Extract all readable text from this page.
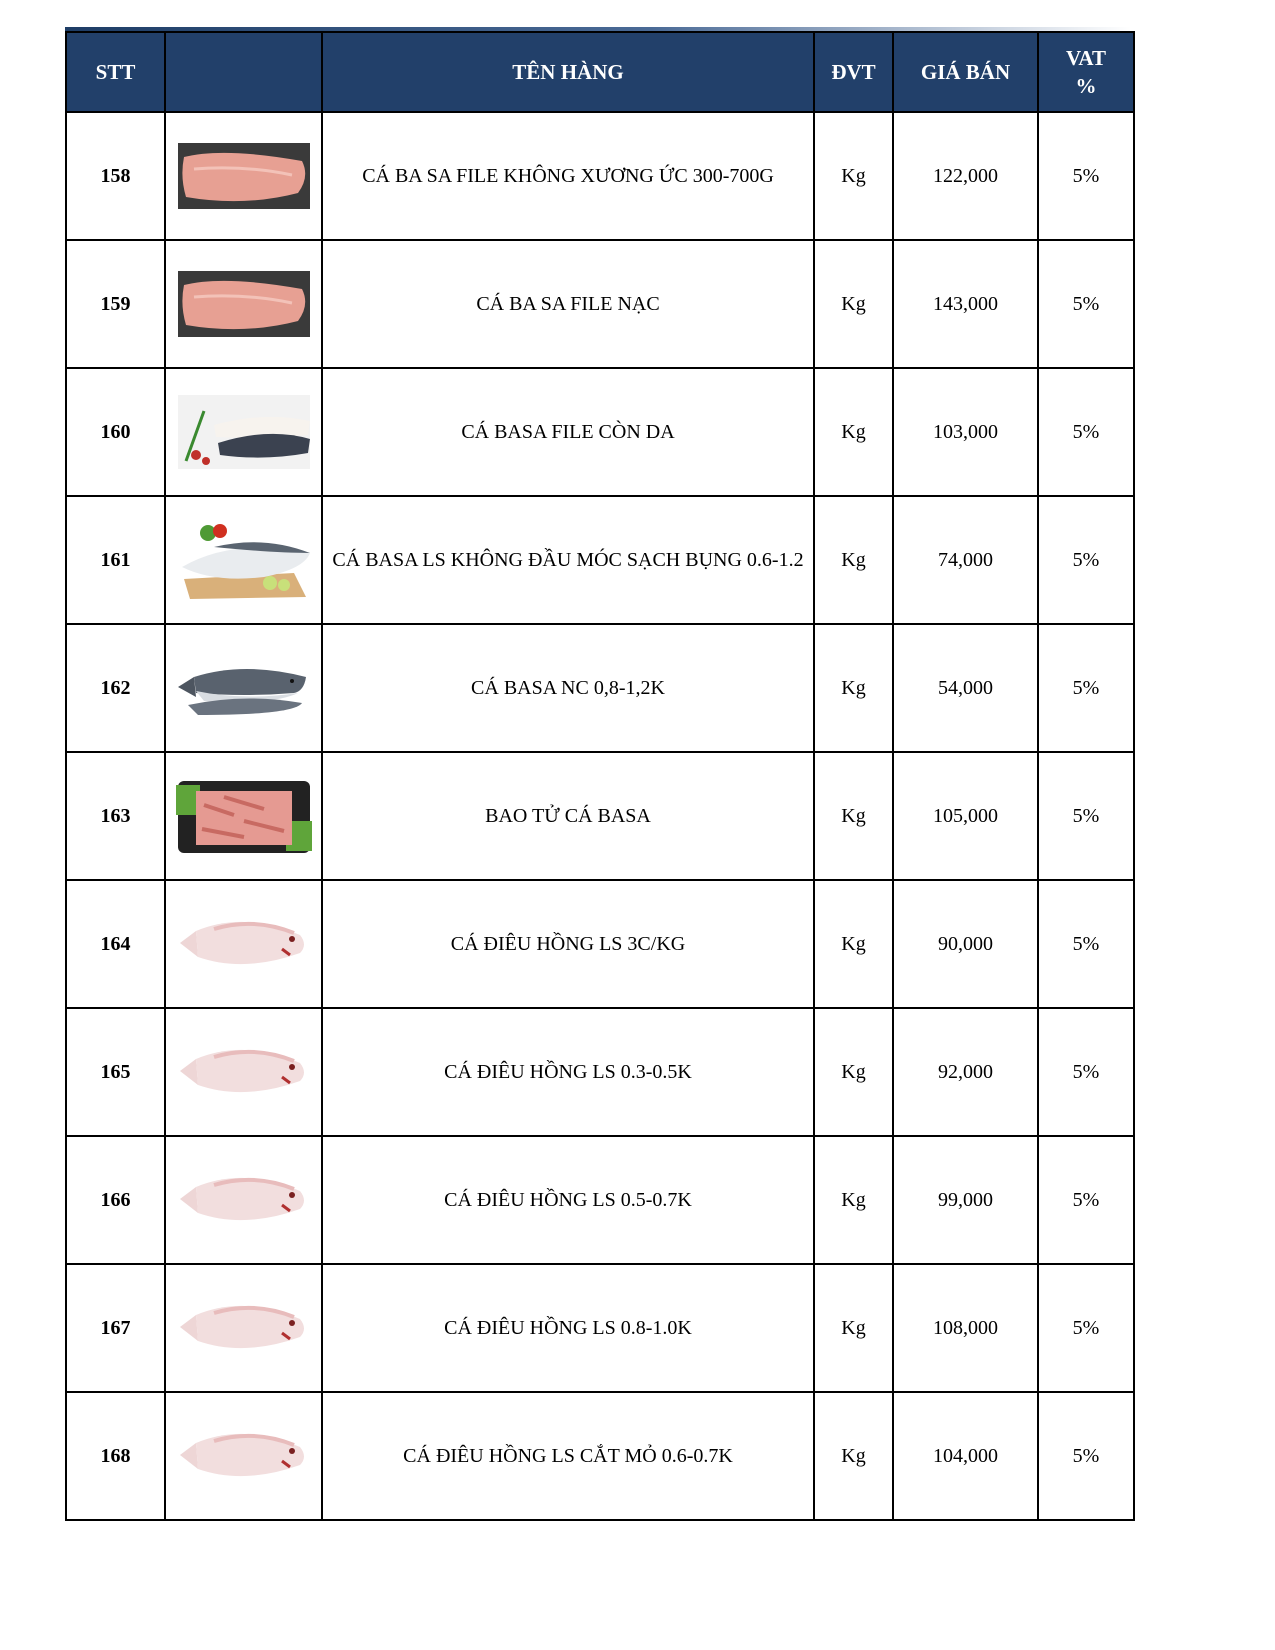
STT		TÊN HÀNG	ĐVT	GIÁ BÁN	VAT
%
158		CÁ BA SA FILE KHÔNG XƯƠNG ỨC 300-700G	Kg	122,000	5%
159		CÁ BA SA FILE NẠC	Kg	143,000	5%
160		CÁ BASA FILE CÒN DA	Kg	103,000	5%
161		CÁ BASA LS KHÔNG ĐẦU MÓC SẠCH BỤNG 0.6-1.2	Kg	74,000	5%
162		CÁ BASA NC 0,8-1,2K	Kg	54,000	5%
163		BAO TỬ CÁ BASA	Kg	105,000	5%
164		CÁ ĐIÊU HỒNG LS 3C/KG	Kg	90,000	5%
165		CÁ ĐIÊU HỒNG LS 0.3-0.5K	Kg	92,000	5%
166		CÁ ĐIÊU HỒNG LS 0.5-0.7K	Kg	99,000	5%
167		CÁ ĐIÊU HỒNG LS 0.8-1.0K	Kg	108,000	5%
168		CÁ ĐIÊU HỒNG LS CẮT MỎ 0.6-0.7K	Kg	104,000	5%
